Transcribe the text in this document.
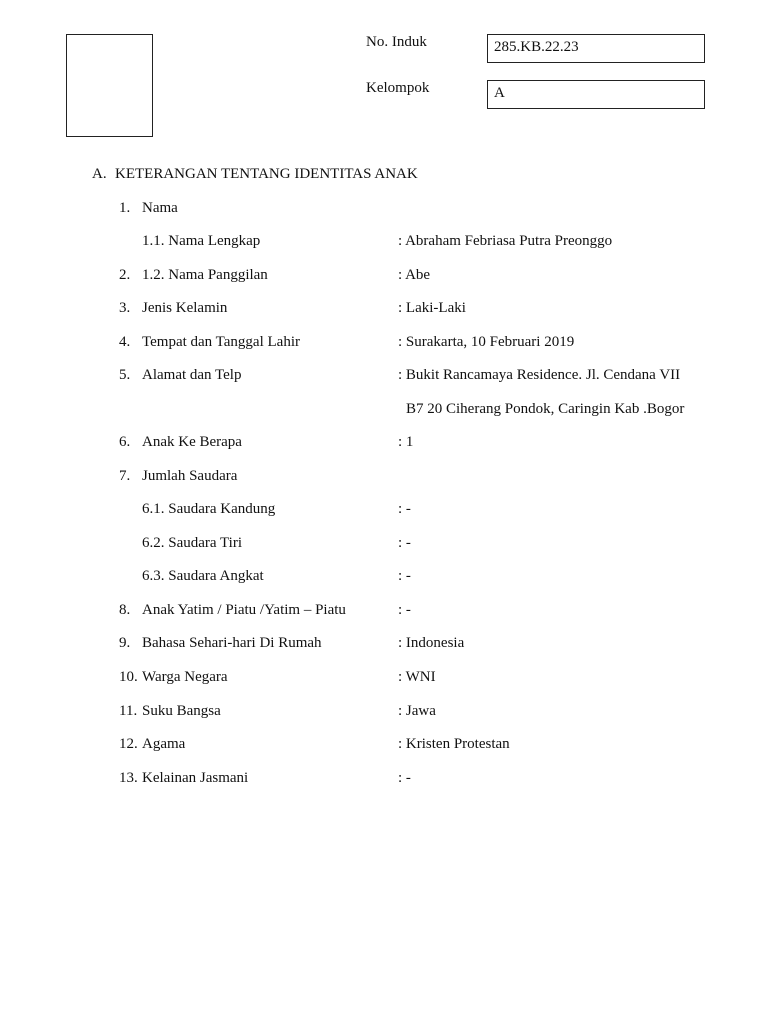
No. Induk	285.KB.22.23
Kelompok	A
A. KETERANGAN TENTANG IDENTITAS ANAK
1. Nama
1.1. Nama Lengkap	: Abraham Febriasa Putra Preonggo
2. 1.2. Nama Panggilan	: Abe
3. Jenis Kelamin	: Laki-Laki
4. Tempat dan Tanggal Lahir	: Surakarta, 10 Februari 2019
5. Alamat dan Telp	: Bukit Rancamaya Residence. Jl. Cendana VII
B7 20 Ciherang Pondok, Caringin Kab .Bogor
6. Anak Ke Berapa	: 1
7. Jumlah Saudara
6.1. Saudara Kandung	: -
6.2. Saudara Tiri	: -
6.3. Saudara Angkat	: -
8. Anak Yatim / Piatu /Yatim – Piatu	: -
9. Bahasa Sehari-hari Di Rumah	: Indonesia
10. Warga Negara	: WNI
11. Suku Bangsa	: Jawa
12. Agama	: Kristen Protestan
13. Kelainan Jasmani	: -
